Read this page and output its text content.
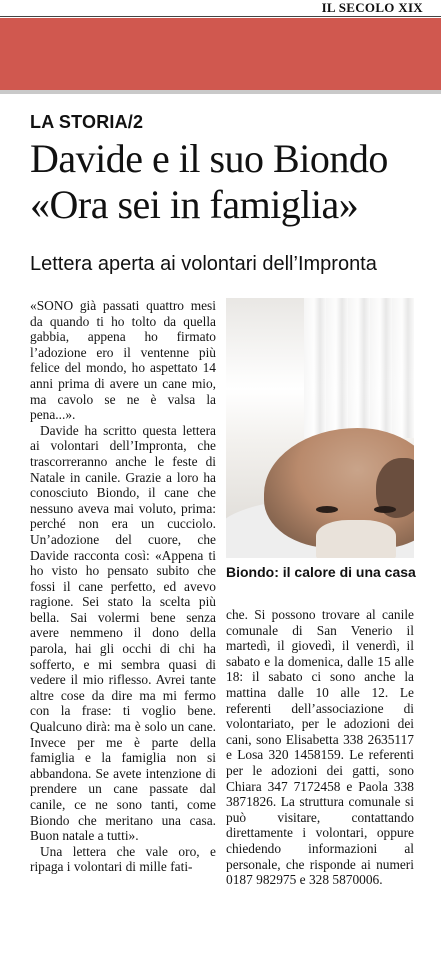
IL SECOLO XIX
LA STORIA/2
Davide e il suo Biondo
«Ora sei in famiglia»
Lettera aperta ai volontari dell’Impronta

«SONO già passati quattro mesi da quando ti ho tolto da quella gabbia, appena ho firmato l’adozione ero il ventenne più felice del mondo, ho aspettato 14 anni prima di avere un cane mio, ma cavolo se ne è valsa la pena...».

Davide ha scritto questa lettera ai volontari dell’Impronta, che trascorreranno anche le feste di Natale in canile. Grazie a loro ha conosciuto Biondo, il cane che nessuno aveva mai voluto, prima: perché non era un cucciolo. Un’adozione del cuore, che Davide racconta così: «Appena ti ho visto ho pensato subito che fossi il cane perfetto, ed avevo ragione. Sei stato la scelta più bella. Sai volermi bene senza avere nemmeno il dono della parola, hai gli occhi di chi ha sofferto, e mi sembra quasi di vedere il mio riflesso. Avrei tante altre cose da dire ma mi fermo con la frase: ti voglio bene. Qualcuno dirà: ma è solo un cane. Invece per me è parte della famiglia e la famiglia non si abbandona. Se avete intenzione di prendere un cane passate dal canile, ce ne sono tanti, come Biondo che meritano una casa. Buon natale a tutti».

Una lettera che vale oro, e ripaga i volontari di mille fati-

Biondo: il calore di una casa

che. Si possono trovare al canile comunale di San Venerio il martedì, il giovedì, il venerdì, il sabato e la domenica, dalle 15 alle 18: il sabato ci sono anche la mattina dalle 10 alle 12. Le referenti dell’associazione di volontariato, per le adozioni dei cani, sono Elisabetta 338 2635117 e Losa 320 1458159. Le referenti per le adozioni dei gatti, sono Chiara 347 7172458 e Paola 338 3871826. La struttura comunale si può visitare, contattando direttamente i volontari, oppure chiedendo informazioni al personale, che risponde ai numeri 0187 982975 e 328 5870006.
